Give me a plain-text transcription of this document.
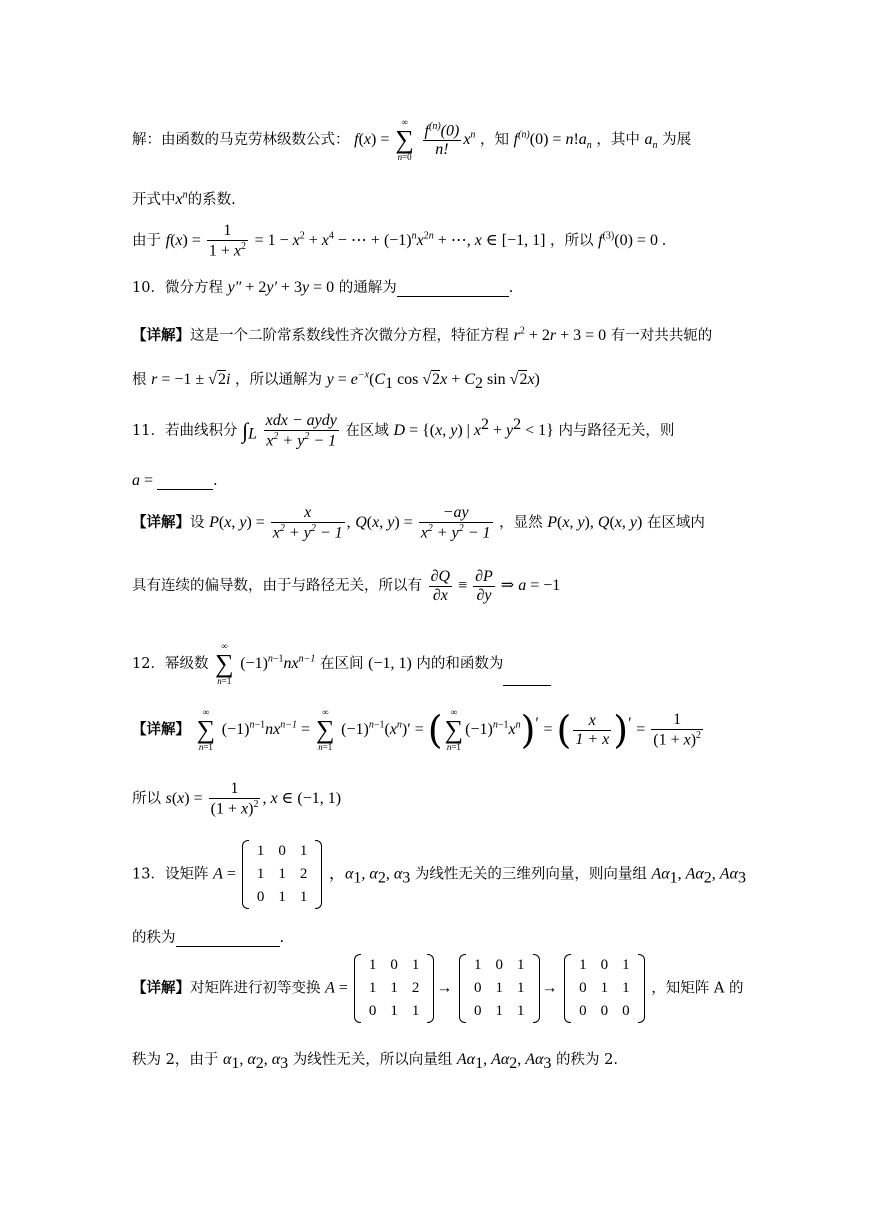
解：由函数的马克劳林级数公式： f(x) =
∞
∑
n=0
$\frac{f^{(n)}(0)}{n!} x^n$ ，知 $f^{(n)}(0) = n!a_n$ ，其中 $a_n$ 为展
开式中$x^n$的系数.
由于 $f(x) = \frac{1}{1 + x^2} = 1 - x^2 + x^4$ − ⋯ + $(-1)^nx^{2n}$ + ⋯, x ∈ [−1, 1] ，所以 $f^{(3)}(0) = 0$ .
10．微分方程 y″ + 2y′ + 3y = 0 的通解为	.
【详解】这是一个二阶常系数线性齐次微分方程，特征方程 $r^2 + 2r + 3 = 0$ 有一对共共轭的
根 r = −1 ± √2i ，所以通解为 $y = e^{-x}(C_1$ $\cos √2x + C_2$ sin √2x)
11．若曲线积分 $\int_L \frac{\text{xdx − aydy}}{x^2 + y^2 - 1}$ 在区域 D = {(x, y) | $x^2 + y^2 < 1$} 内与路径无关，则
a =	.
【详解】设 P(x, $y) = \frac{x}{x^2 + y^2 - 1}$ , Q(x, $y) = \frac{-ay}{x^2 + y^2 - 1}$ ，显然 P(x, y), Q(x, y) 在区域内
具有连续的偏导数，由于与路径无关，所以有 $\frac{\partial Q}{\partial x} \equiv \frac{\partial P}{\partial y}$ ⇒ a = −1
12．幂级数
∞
∑
n=1
$(-1)^{n-1}nx^{n-1}$ 在区间 (−1, 1) 内的和函数为
【详解】
∞
∑
n=1
$(-1)^{n-1}nx^{n-1}$ =
∞
∑
n=1
$(-1)^{n-1}(x^n)'$ = ( ∞
∑
n=1
$(-1)^{n-1}x^n)'$ = ( $\frac{x}{1 + x} )' = \frac{1}{(1 + x)^2}$
所以 $s(x) = \frac{1}{(1 + x)^2}$ , x ∈ (−1, 1)
13．设矩阵 A =
1	0	1
1	1	2
0	1	1
，$\alpha_1$, $\alpha_2$, $\alpha_3$ 为线性无关的三维列向量，则向量组 $A\alpha_1$, $A\alpha_2$, $A\alpha_3$
的秩为	.
【详解】对矩阵进行初等变换 A =
1	0	1
1	1	2
0	1	1
→
1	0	1
0	1	1
0	1	1
→
1	0	1
0	1	1
0	0	0
，知矩阵 A 的
秩为 2，由于 $\alpha_1$, $\alpha_2$, $\alpha_3$ 为线性无关，所以向量组 $A\alpha_1$, $A\alpha_2$, $A\alpha_3$ 的秩为 2.
